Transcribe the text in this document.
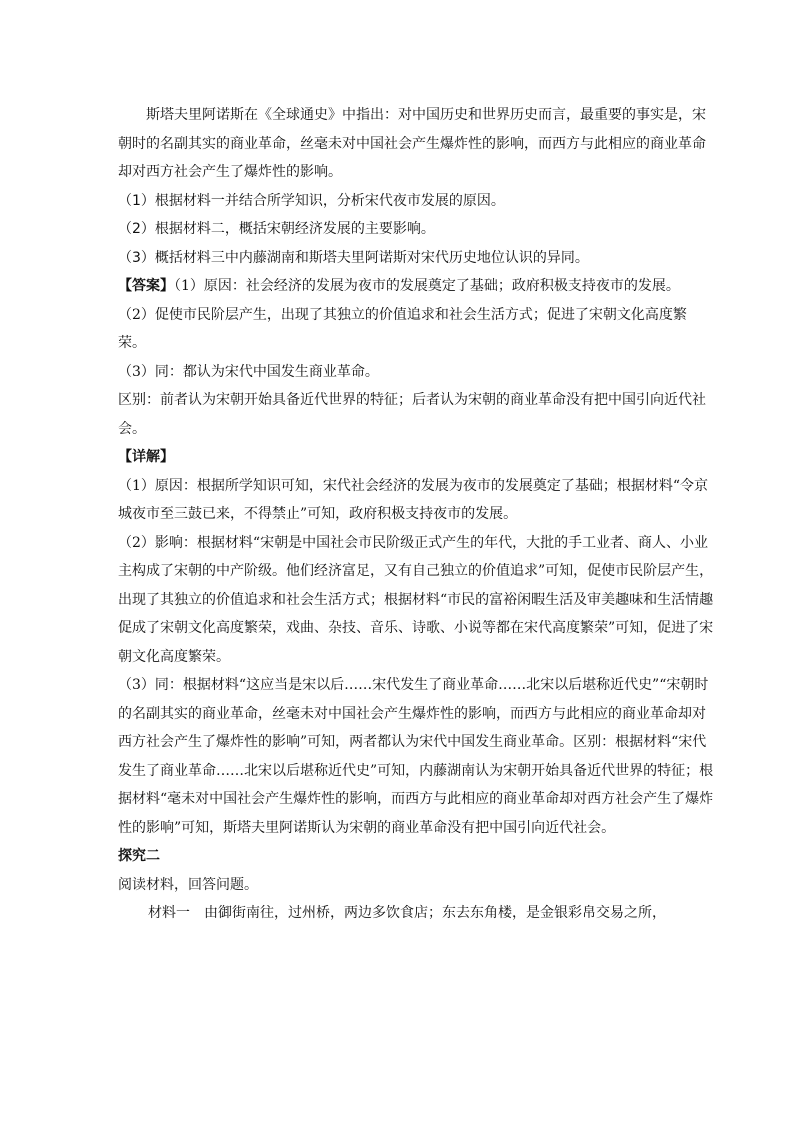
斯塔夫里阿诺斯在《全球通史》中指出：对中国历史和世界历史而言，最重要的事实是，宋朝时的名副其实的商业革命，丝毫未对中国社会产生爆炸性的影响，而西方与此相应的商业革命却对西方社会产生了爆炸性的影响。

（1）根据材料一并结合所学知识，分析宋代夜市发展的原因。

（2）根据材料二，概括宋朝经济发展的主要影响。

（3）概括材料三中内藤湖南和斯塔夫里阿诺斯对宋代历史地位认识的异同。

【答案】（1）原因：社会经济的发展为夜市的发展奠定了基础；政府积极支持夜市的发展。

（2）促使市民阶层产生，出现了其独立的价值追求和社会生活方式；促进了宋朝文化高度繁荣。

（3）同：都认为宋代中国发生商业革命。

区别：前者认为宋朝开始具备近代世界的特征；后者认为宋朝的商业革命没有把中国引向近代社会。

【详解】

（1）原因：根据所学知识可知，宋代社会经济的发展为夜市的发展奠定了基础；根据材料“令京城夜市至三鼓已来，不得禁止”可知，政府积极支持夜市的发展。

（2）影响：根据材料“宋朝是中国社会市民阶级正式产生的年代，大批的手工业者、商人、小业主构成了宋朝的中产阶级。他们经济富足，又有自己独立的价值追求”可知，促使市民阶层产生，出现了其独立的价值追求和社会生活方式；根据材料“市民的富裕闲暇生活及审美趣味和生活情趣促成了宋朝文化高度繁荣，戏曲、杂技、音乐、诗歌、小说等都在宋代高度繁荣”可知，促进了宋朝文化高度繁荣。

（3）同：根据材料“这应当是宋以后……宋代发生了商业革命……北宋以后堪称近代史”“宋朝时的名副其实的商业革命，丝毫未对中国社会产生爆炸性的影响，而西方与此相应的商业革命却对西方社会产生了爆炸性的影响”可知，两者都认为宋代中国发生商业革命。区别：根据材料“宋代发生了商业革命……北宋以后堪称近代史”可知，内藤湖南认为宋朝开始具备近代世界的特征；根据材料“毫未对中国社会产生爆炸性的影响，而西方与此相应的商业革命却对西方社会产生了爆炸性的影响”可知，斯塔夫里阿诺斯认为宋朝的商业革命没有把中国引向近代社会。

探究二

阅读材料，回答问题。

材料一　由御街南往，过州桥，两边多饮食店；东去东角楼，是金银彩帛交易之所，
